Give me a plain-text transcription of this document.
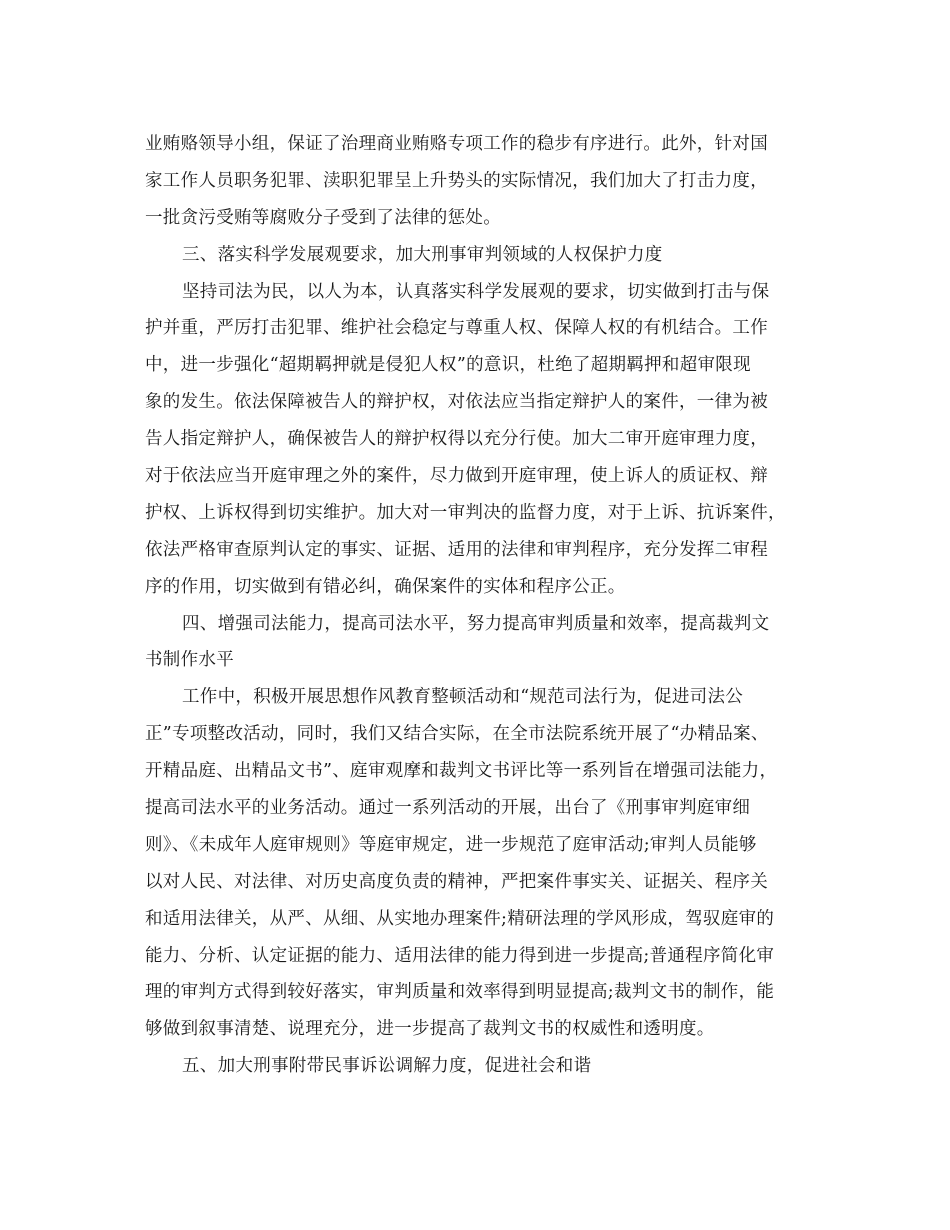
业贿赂领导小组，保证了治理商业贿赂专项工作的稳步有序进行。此外，针对国
家工作人员职务犯罪、渎职犯罪呈上升势头的实际情况，我们加大了打击力度，
一批贪污受贿等腐败分子受到了法律的惩处。
三、落实科学发展观要求，加大刑事审判领域的人权保护力度
坚持司法为民，以人为本，认真落实科学发展观的要求，切实做到打击与保
护并重，严厉打击犯罪、维护社会稳定与尊重人权、保障人权的有机结合。工作
中，进一步强化“超期羁押就是侵犯人权”的意识，杜绝了超期羁押和超审限现
象的发生。依法保障被告人的辩护权，对依法应当指定辩护人的案件，一律为被
告人指定辩护人，确保被告人的辩护权得以充分行使。加大二审开庭审理力度，
对于依法应当开庭审理之外的案件，尽力做到开庭审理，使上诉人的质证权、辩
护权、上诉权得到切实维护。加大对一审判决的监督力度，对于上诉、抗诉案件，
依法严格审查原判认定的事实、证据、适用的法律和审判程序，充分发挥二审程
序的作用，切实做到有错必纠，确保案件的实体和程序公正。
四、增强司法能力，提高司法水平，努力提高审判质量和效率，提高裁判文
书制作水平
工作中，积极开展思想作风教育整顿活动和“规范司法行为，促进司法公
正”专项整改活动，同时，我们又结合实际，在全市法院系统开展了“办精品案、
开精品庭、出精品文书”、庭审观摩和裁判文书评比等一系列旨在增强司法能力，
提高司法水平的业务活动。通过一系列活动的开展，出台了《刑事审判庭审细
则》、《未成年人庭审规则》等庭审规定，进一步规范了庭审活动;审判人员能够
以对人民、对法律、对历史高度负责的精神，严把案件事实关、证据关、程序关
和适用法律关，从严、从细、从实地办理案件;精研法理的学风形成，驾驭庭审的
能力、分析、认定证据的能力、适用法律的能力得到进一步提高;普通程序简化审
理的审判方式得到较好落实，审判质量和效率得到明显提高;裁判文书的制作，能
够做到叙事清楚、说理充分，进一步提高了裁判文书的权威性和透明度。
五、加大刑事附带民事诉讼调解力度，促进社会和谐
